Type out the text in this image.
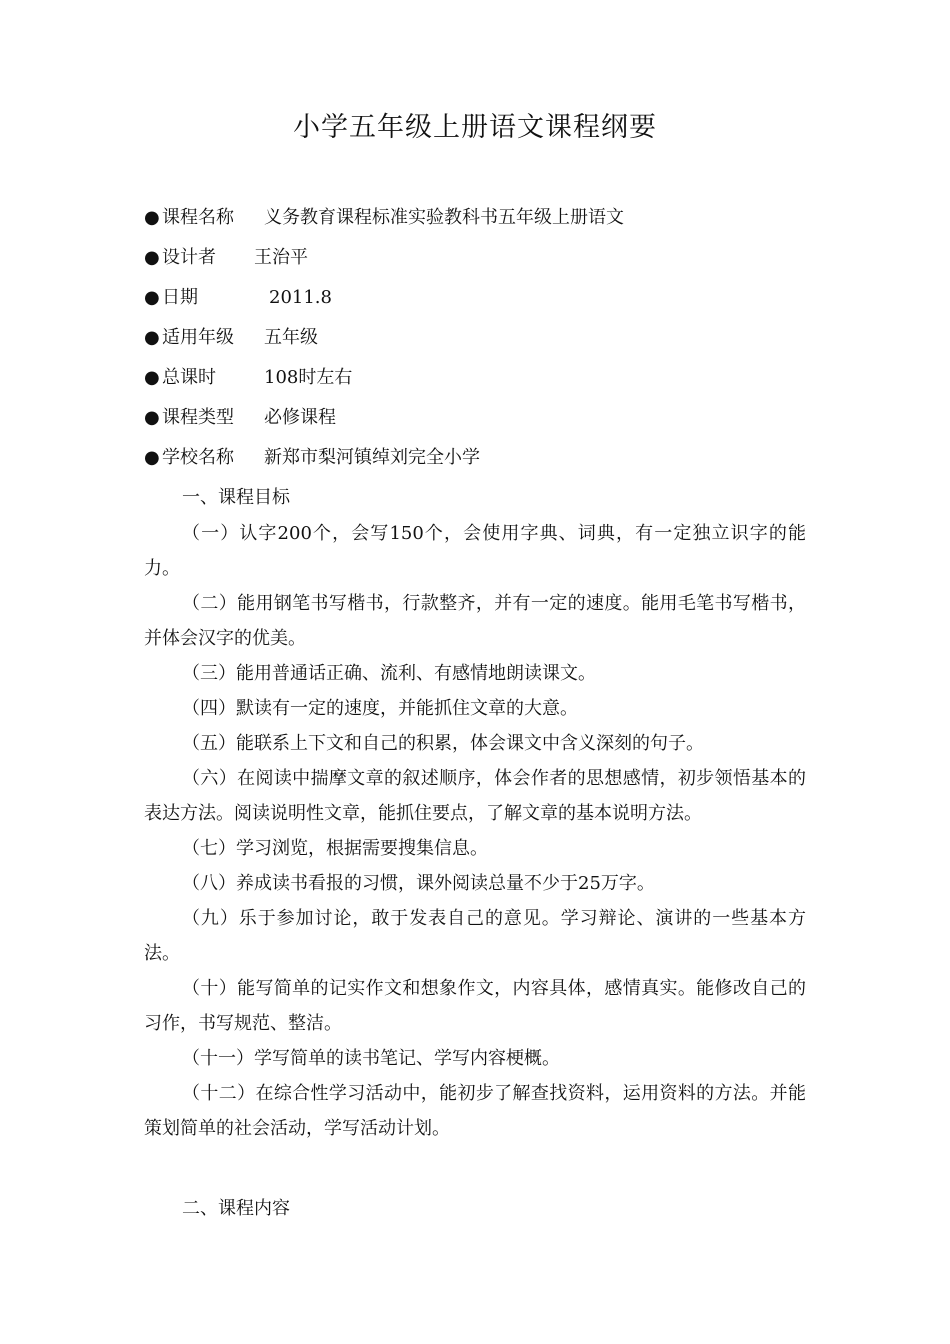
小学五年级上册语文课程纲要
● 课程名称 义务教育课程标准实验教科书五年级上册语文
● 设计者 王治平
● 日期	2011.8
● 适用年级 五年级
● 总课时	108时左右
● 课程类型 必修课程
● 学校名称 新郑市梨河镇绰刘完全小学
一、课程目标

（一）认字200个，会写150个，会使用字典、词典，有一定独立识字的能力。

（二）能用钢笔书写楷书，行款整齐，并有一定的速度。能用毛笔书写楷书，并体会汉字的优美。

（三）能用普通话正确、流利、有感情地朗读课文。

（四）默读有一定的速度，并能抓住文章的大意。

（五）能联系上下文和自己的积累，体会课文中含义深刻的句子。

（六）在阅读中揣摩文章的叙述顺序，体会作者的思想感情，初步领悟基本的表达方法。阅读说明性文章，能抓住要点，了解文章的基本说明方法。

（七）学习浏览，根据需要搜集信息。

（八）养成读书看报的习惯，课外阅读总量不少于25万字。

（九）乐于参加讨论，敢于发表自己的意见。学习辩论、演讲的一些基本方法。

（十）能写简单的记实作文和想象作文，内容具体，感情真实。能修改自己的习作，书写规范、整洁。

（十一）学写简单的读书笔记、学写内容梗概。

（十二）在综合性学习活动中，能初步了解查找资料，运用资料的方法。并能策划简单的社会活动，学写活动计划。

二、课程内容
